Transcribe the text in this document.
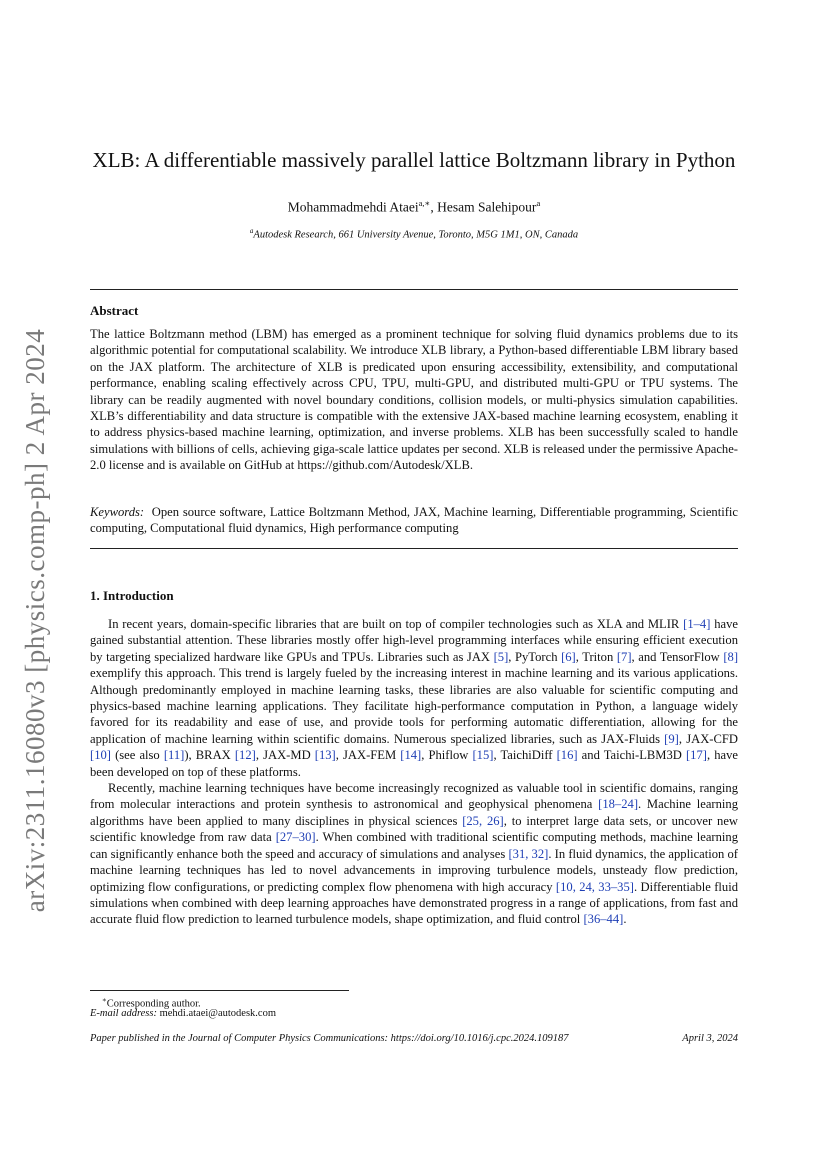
arXiv:2311.16080v3 [physics.comp-ph] 2 Apr 2024
XLB: A differentiable massively parallel lattice Boltzmann library in Python
Mohammadmehdi Ataei$^{a,∗}$, Hesam Salehipour$^a$
$^a$Autodesk Research, 661 University Avenue, Toronto, M5G 1M1, ON, Canada
Abstract

The lattice Boltzmann method (LBM) has emerged as a prominent technique for solving fluid dynamics problems due to its algorithmic potential for computational scalability. We introduce XLB library, a Python-based differentiable LBM library based on the JAX platform. The architecture of XLB is predicated upon ensuring accessibility, extensibility, and computational performance, enabling scaling effectively across CPU, TPU, multi-GPU, and distributed multi-GPU or TPU systems. The library can be readily augmented with novel boundary conditions, collision models, or multi-physics simulation capabilities. XLB’s differentiability and data structure is compatible with the extensive JAX-based machine learning ecosystem, enabling it to address physics-based machine learning, optimization, and inverse problems. XLB has been successfully scaled to handle simulations with billions of cells, achieving giga-scale lattice updates per second. XLB is released under the permissive Apache-2.0 license and is available on GitHub at https://github.com/Autodesk/XLB.

Keywords: Open source software, Lattice Boltzmann Method, JAX, Machine learning, Differentiable programming, Scientific computing, Computational fluid dynamics, High performance computing

1. Introduction

In recent years, domain-specific libraries that are built on top of compiler technologies such as XLA and MLIR [1–4] have gained substantial attention. These libraries mostly offer high-level programming interfaces while ensuring efficient execution by targeting specialized hardware like GPUs and TPUs. Libraries such as JAX [5], PyTorch [6], Triton [7], and TensorFlow [8] exemplify this approach. This trend is largely fueled by the increasing interest in machine learning and its various applications. Although predominantly employed in machine learning tasks, these libraries are also valuable for scientific computing and physics-based machine learning applications. They facilitate high-performance computation in Python, a language widely favored for its readability and ease of use, and provide tools for performing automatic differentiation, allowing for the application of machine learning within scientific domains. Numerous specialized libraries, such as JAX-Fluids [9], JAX-CFD [10] (see also [11]), BRAX [12], JAX-MD [13], JAX-FEM [14], Phiflow [15], TaichiDiff [16] and Taichi-LBM3D [17], have been developed on top of these platforms.

Recently, machine learning techniques have become increasingly recognized as valuable tool in scientific domains, ranging from molecular interactions and protein synthesis to astronomical and geophysical phenomena [18–24]. Machine learning algorithms have been applied to many disciplines in physical sciences [25, 26], to interpret large data sets, or uncover new scientific knowledge from raw data [27–30]. When combined with traditional scientific computing methods, machine learning can significantly enhance both the speed and accuracy of simulations and analyses [31, 32]. In fluid dynamics, the application of machine learning techniques has led to novel advancements in improving turbulence models, unsteady flow prediction, optimizing flow configurations, or predicting complex flow phenomena with high accuracy [10, 24, 33–35]. Differentiable fluid simulations when combined with deep learning approaches have demonstrated progress in a range of applications, from fast and accurate fluid flow prediction to learned turbulence models, shape optimization, and fluid control [36–44].

∗Corresponding author.
E-mail address: mehdi.ataei@autodesk.com
Paper published in the Journal of Computer Physics Communications: https://doi.org/10.1016/j.cpc.2024.109187	April 3, 2024
